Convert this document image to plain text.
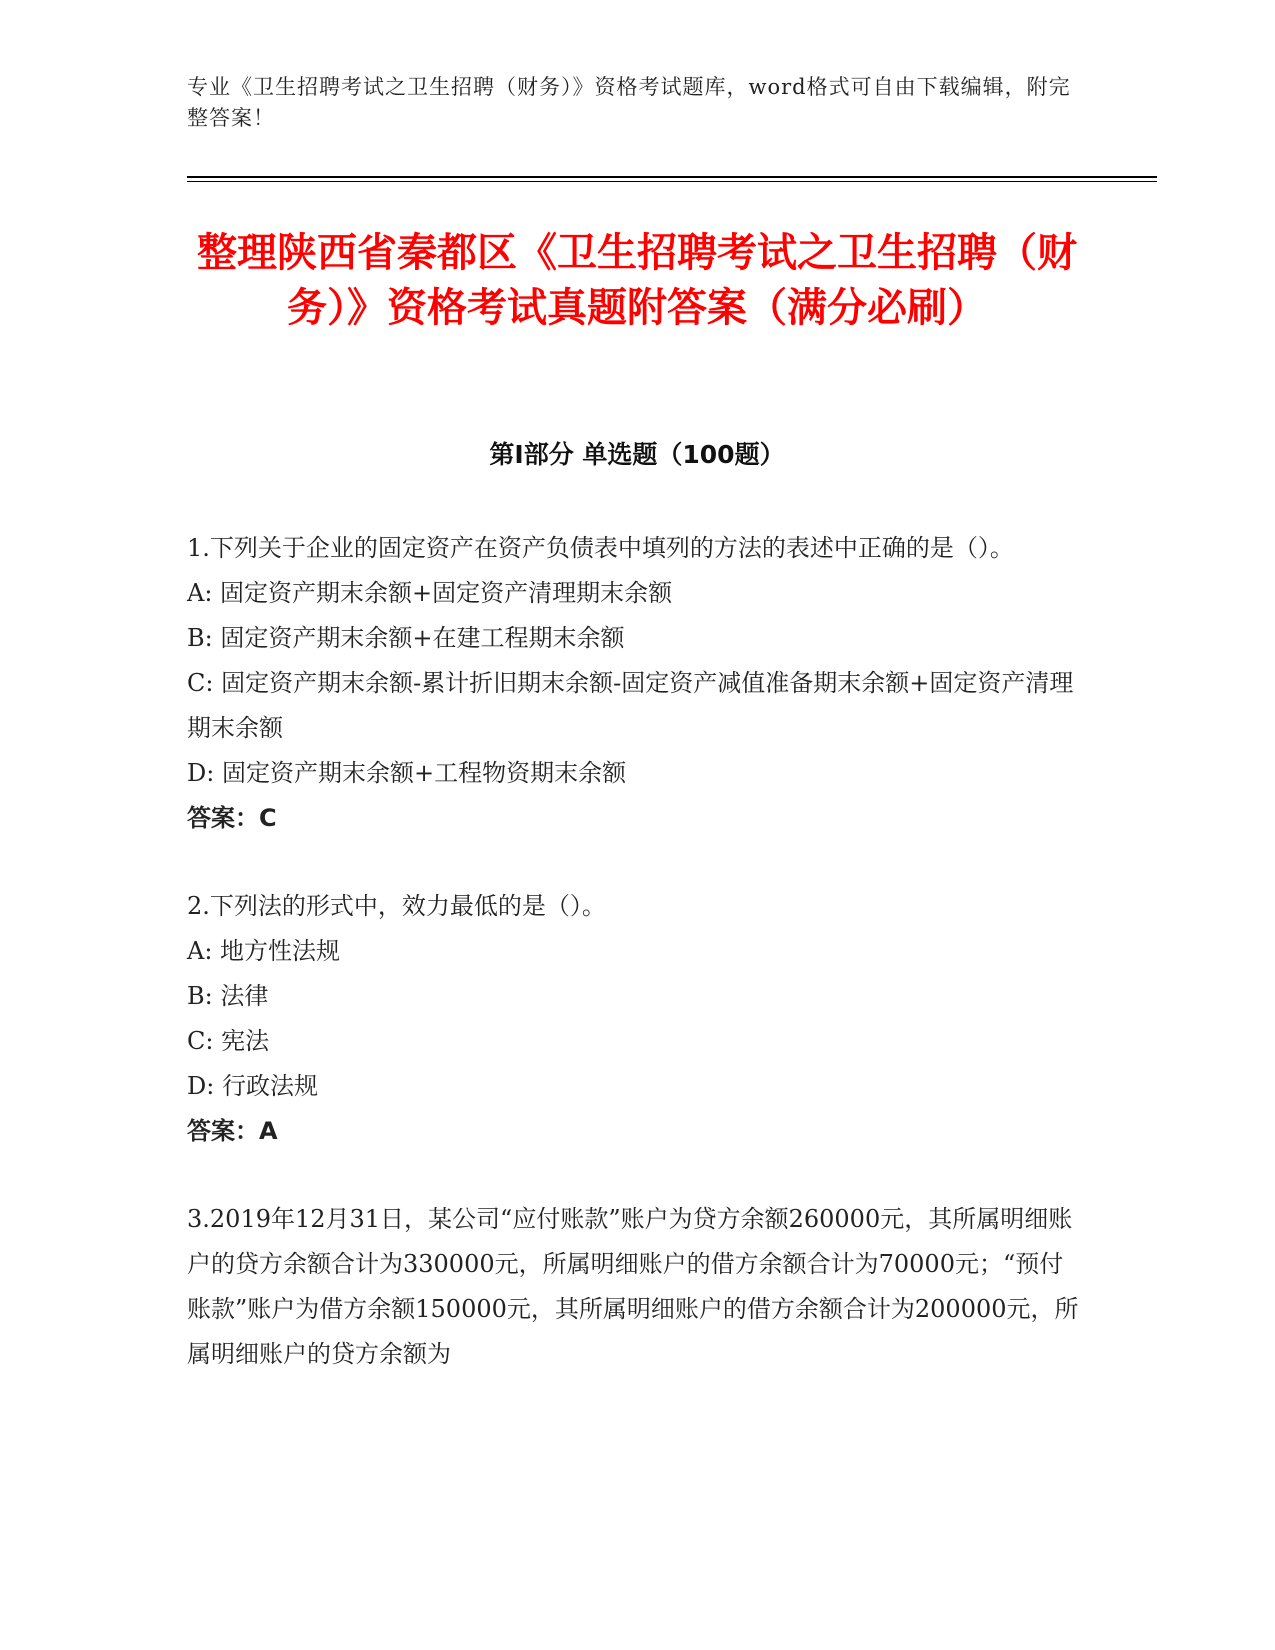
专业《卫生招聘考试之卫生招聘（财务）》资格考试题库，word格式可自由下载编辑，附完整答案！
整理陕西省秦都区《卫生招聘考试之卫生招聘（财务）》资格考试真题附答案（满分必刷）
第I部分 单选题（100题）

1.下列关于企业的固定资产在资产负债表中填列的方法的表述中正确的是（）。

A: 固定资产期末余额+固定资产清理期末余额

B: 固定资产期末余额+在建工程期末余额

C: 固定资产期末余额-累计折旧期末余额-固定资产减值准备期末余额+固定资产清理期末余额

D: 固定资产期末余额+工程物资期末余额

答案：C

2.下列法的形式中，效力最低的是（）。

A: 地方性法规

B: 法律

C: 宪法

D: 行政法规

答案：A

3.2019年12月31日，某公司“应付账款”账户为贷方余额260000元，其所属明细账户的贷方余额合计为330000元，所属明细账户的借方余额合计为70000元；“预付账款”账户为借方余额150000元，其所属明细账户的借方余额合计为200000元，所属明细账户的贷方余额为
